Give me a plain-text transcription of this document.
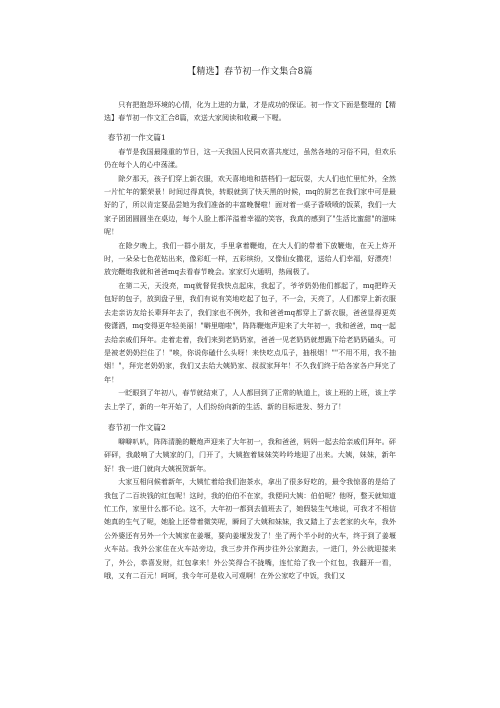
【精选】春节初一作文集合8篇

只有把抱怨环境的心情，化为上进的力量，才是成功的保证。初一作文下面是整理的【精选】春节初一作文汇合8篇，欢送大家阅读和收藏一下喔。

春节初一作文篇1

春节是我国最隆重的节日，这一天我国人民同欢喜共度过，虽然各地的习俗不同，但欢乐仍在每个人的心中荡漾。

除夕那天，孩子们穿上新衣服，欢天喜地地和搭档们一起玩耍，大人们也忙里忙外，全然一片忙年的繁荣景！时间过得真快，转眼就到了快天黑的时候，mq的厨艺在我们家中可是最好的了，所以肯定要品尝她为我们准备的丰富晚餐啦！面对着一桌子香喷喷的饭菜，我们一大家子团团圆圆坐在桌边，每个人脸上都洋溢着幸福的笑容，我真的感到了"生活比蜜甜"的滋味呢！

在除夕晚上，我们一群小朋友，手里拿着鞭炮，在大人们的带着下放鞭炮，在天上炸开时，一朵朵七色花钻出来，像彩虹一样，五彩缤纷，又像仙女撒花，送给人们幸福，好漂亮！放完鞭炮我就和爸爸mq去看春节晚会。家家灯火通明，热闹极了。

在第二天，天没亮，mq就督促我快点起床，我起了，爷爷奶奶他们都起了，mq把昨天包好的包子，放到盘子里，我们有说有笑地吃起了包子，不一会，天亮了，人们都穿上新衣服去走亲访友给长辈拜年去了，我们家也不例外，我和爸爸mq都穿上了新衣服，爸爸显得更英俊潇洒，mq变得更年轻美丽！"噼里啪啦"，阵阵鞭炮声迎来了大年初一，我和爸爸，mq一起去给亲戚们拜年。走着走着，我们来到老奶奶家，爸爸一见老奶奶就想跪下给老奶奶磕头，可是被老奶奶拦住了！"唉，你说你磕什么头呀！来快吃点瓜子，抽根烟！""不用不用，我不抽烟！"，拜完老奶奶家，我们又去给大姨奶家、叔叔家拜年！不久我们终于给各家各户拜完了年！

一眨眼到了年初八，春节就结束了，人人都回到了正常的轨道上，该上班的上班，该上学去上学了，新的一年开始了，人们纷纷向新的生活、新的目标进发、努力了！

春节初一作文篇2

噼噼叭叭，阵阵清脆的鞭炮声迎来了大年初一，我和爸爸，妈妈一起去给亲戚们拜年。砰砰砰，我敲响了大姨家的门，门开了，大姨抱着妹妹笑吟吟地迎了出来。大姨，妹妹，新年好！我一进门就向大姨祝贺新年。

大家互相问候着新年，大姨忙着给我们泡茶水，拿出了很多好吃的，最令我惊喜的是给了我包了二百块钱的红包呢！这时，我的伯伯不在家，我便问大姨：伯伯呢？他呀，整天就知道忙工作，家里什么都不论。这不，大年初一都到去值班去了，她假装生气地说，可我才不相信她真的生气了呢，她脸上还带着微笑呢，瞬间了大姨和妹妹，我又踏上了去老家的火车，我外公外婆还有另外一个大姨家在姜堰，要向姜堰发发了！坐了两个半小时的火车，终于到了姜堰火车站。我外公家住在火车站旁边，我三步并作两步往外公家跑去，一进门，外公就迎接来了，外公，恭喜发财，红包拿来！外公笑得合不拢嘴，连忙给了我一个红包，我翻开一看，哦，又有二百元！呵呵，我今年可是收入可观啊！在外公家吃了中饭，我们又
